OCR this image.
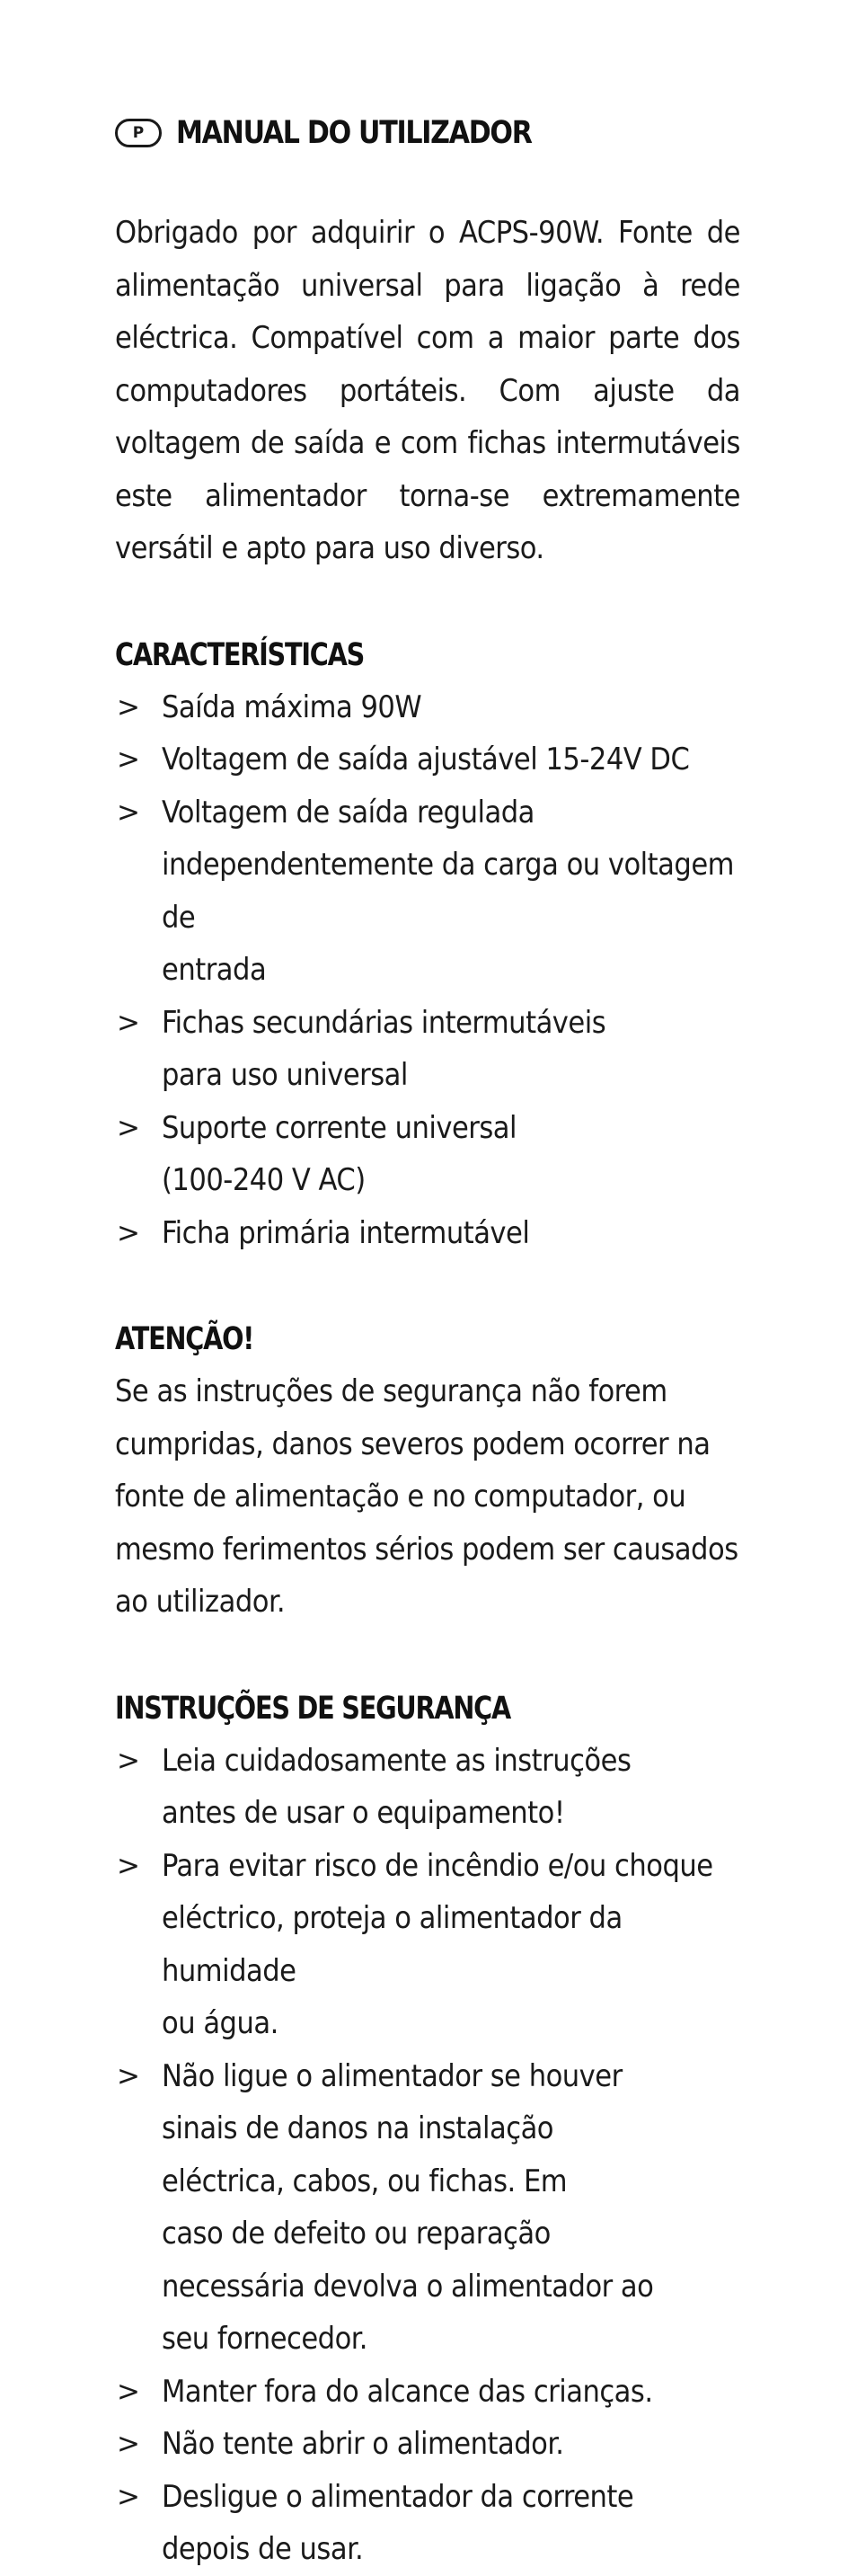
P MANUAL DO UTILIZADOR

Obrigado por adquirir o ACPS-90W. Fonte de alimentação universal para ligação à rede eléctrica. Compatível com a maior parte dos computadores portáteis. Com ajuste da voltagem de saída e com fichas intermutáveis este alimentador torna-se extremamente versátil e apto para uso diverso.

CARACTERÍSTICAS
> Saída máxima 90W
> Voltagem de saída ajustável 15-24V DC
> Voltagem de saída regulada
independentemente da carga ou voltagem de
entrada
> Fichas secundárias intermutáveis
para uso universal
> Suporte corrente universal
(100-240 V AC)
> Ficha primária intermutável
ATENÇÃO!

Se as instruções de segurança não forem
cumpridas, danos severos podem ocorrer na
fonte de alimentação e no computador, ou
mesmo ferimentos sérios podem ser causados
ao utilizador.

INSTRUÇÕES DE SEGURANÇA
> Leia cuidadosamente as instruções
antes de usar o equipamento!
> Para evitar risco de incêndio e/ou choque
eléctrico, proteja o alimentador da humidade
ou água.
> Não ligue o alimentador se houver
sinais de danos na instalação
eléctrica, cabos, ou fichas. Em
caso de defeito ou reparação
necessária devolva o alimentador ao
seu fornecedor.
> Manter fora do alcance das crianças.
> Não tente abrir o alimentador.
> Desligue o alimentador da corrente
depois de usar.
